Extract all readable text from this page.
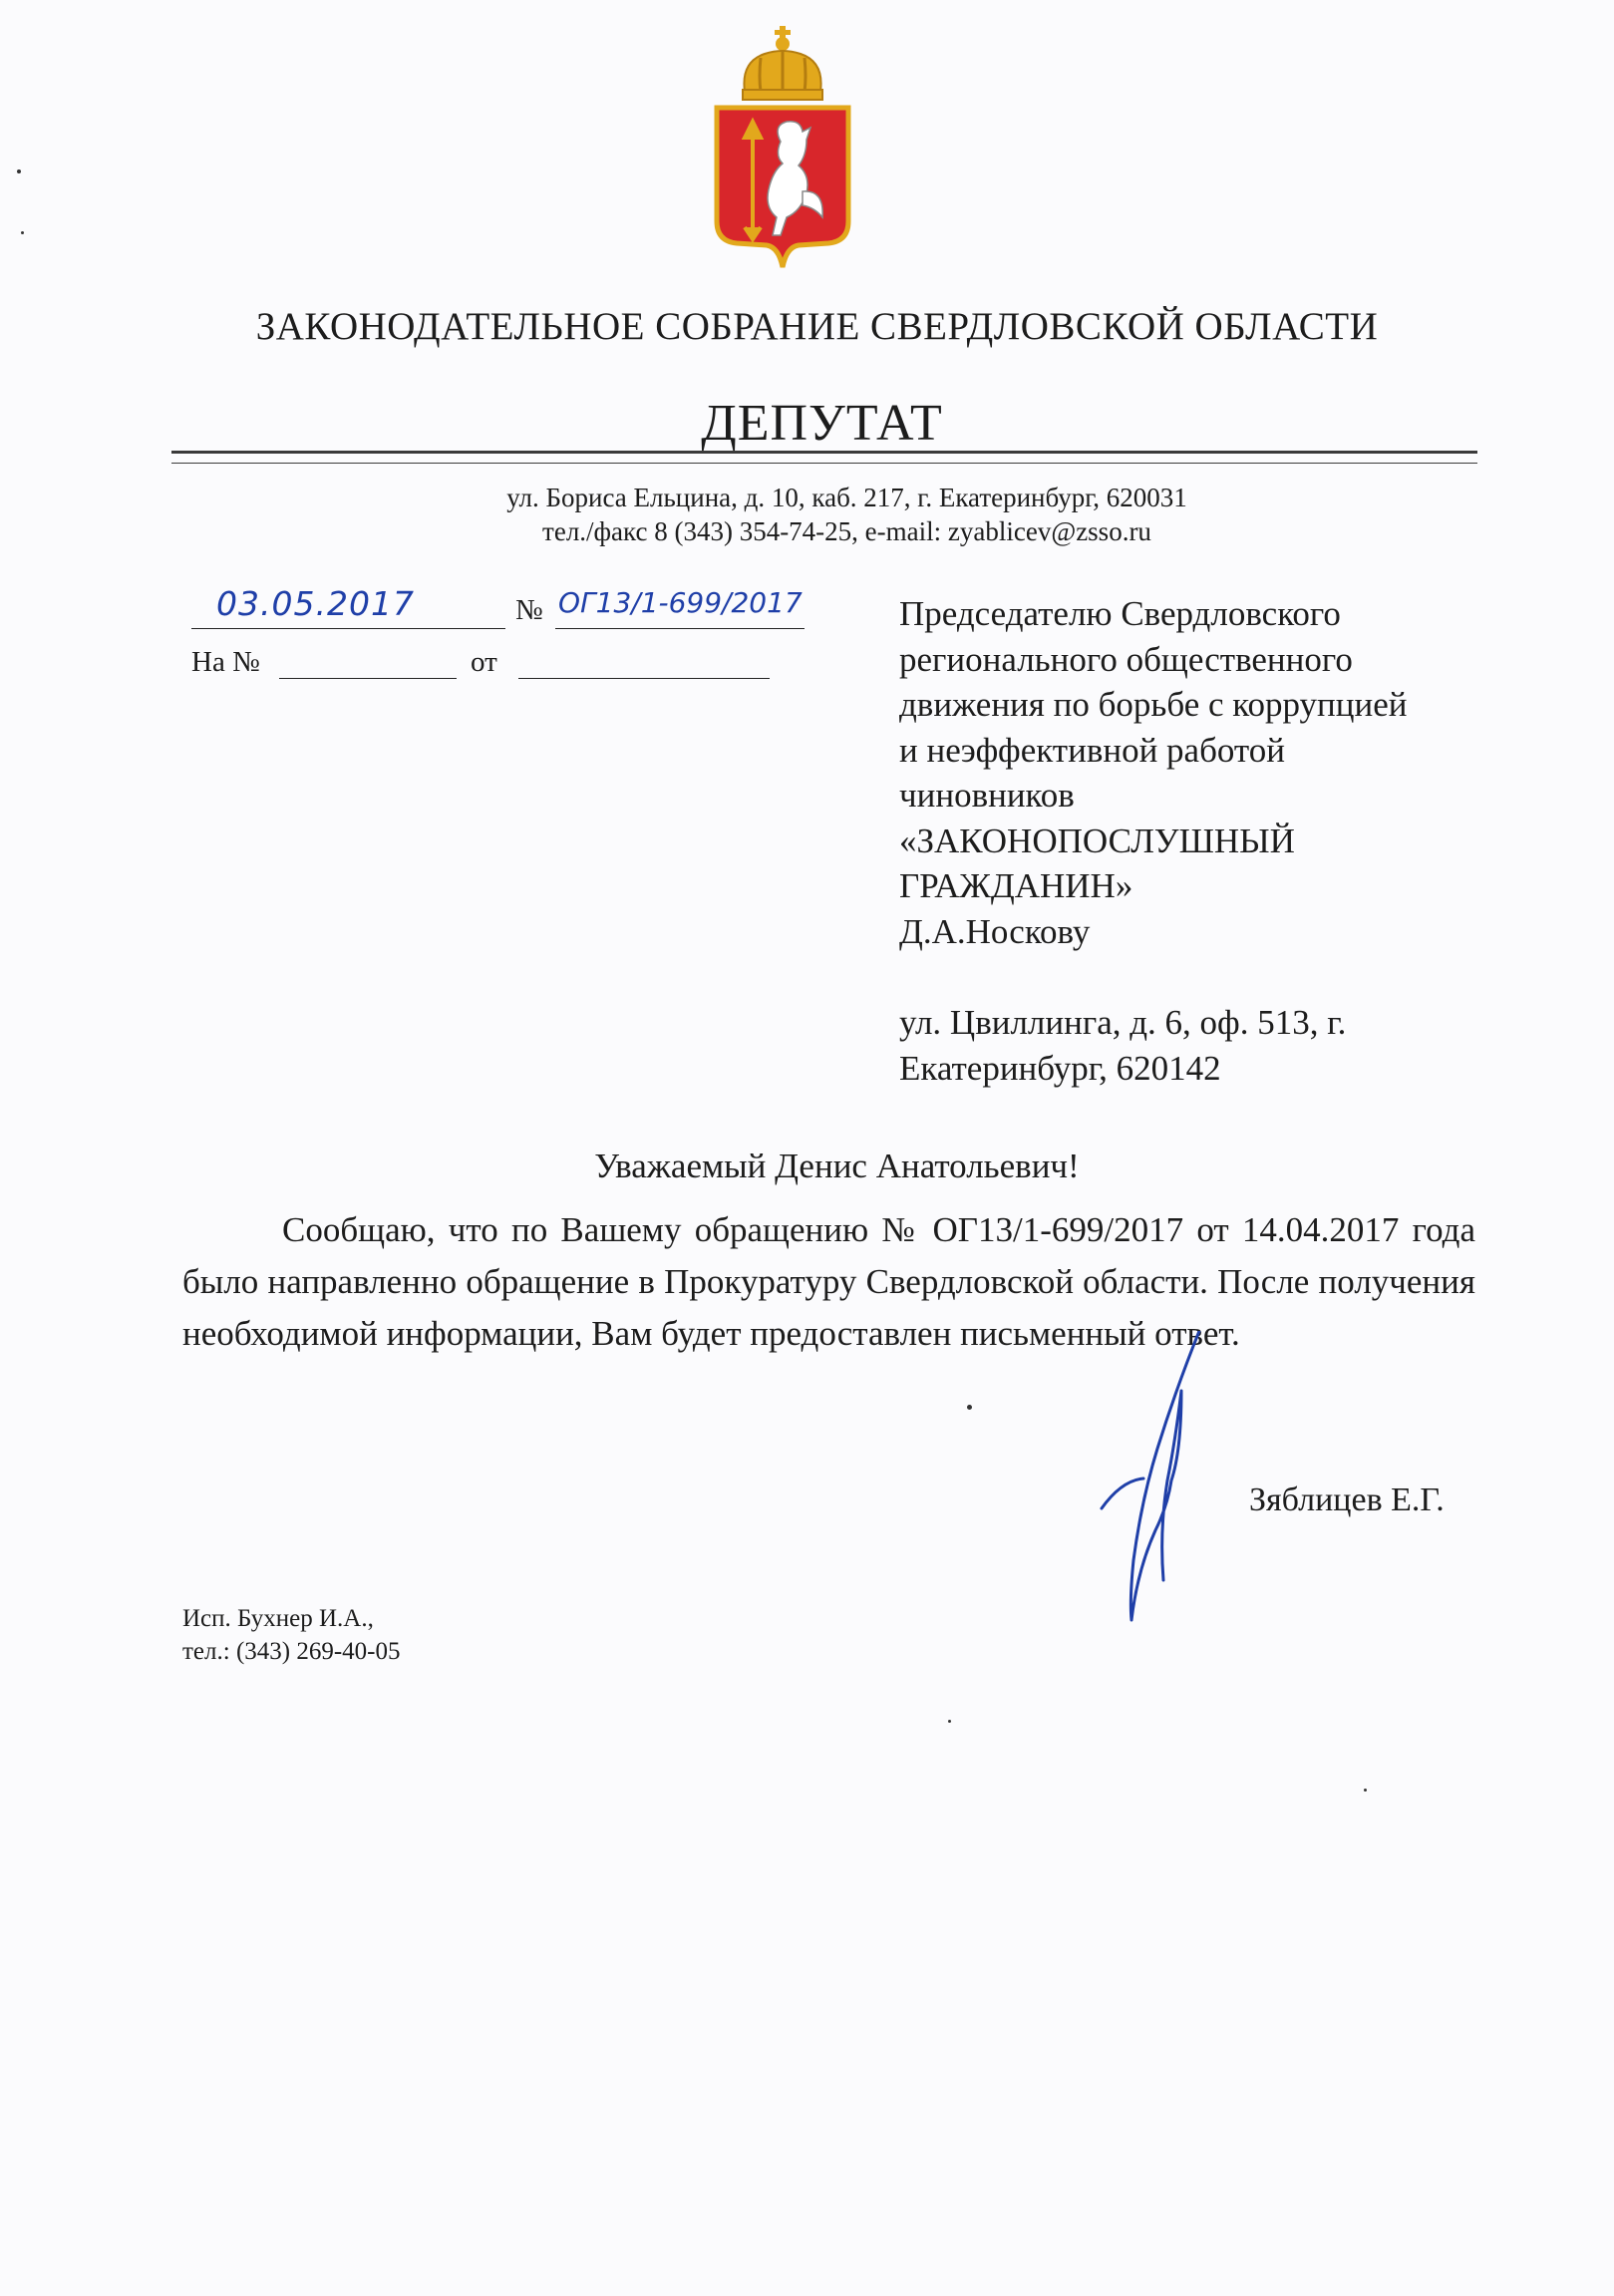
ЗАКОНОДАТЕЛЬНОЕ СОБРАНИЕ СВЕРДЛОВСКОЙ ОБЛАСТИ
ДЕПУТАТ
ул. Бориса Ельцина, д. 10, каб. 217, г. Екатеринбург, 620031
тел./факс 8 (343) 354-74-25, e-mail: zyablicev@zsso.ru
03.05.2017	№ ОГ13/1-699/2017
На №	от
Председателю Свердловского
регионального общественного
движения по борьбе с коррупцией
и неэффективной работой
чиновников
«ЗАКОНОПОСЛУШНЫЙ
ГРАЖДАНИН»
Д.А.Носкову
ул. Цвиллинга, д. 6, оф. 513, г.
Екатеринбург, 620142
Уважаемый Денис Анатольевич!
Сообщаю, что по Вашему обращению № ОГ13/1-699/2017 от 14.04.2017 года было направленно обращение в Прокуратуру Свердловской области. После получения необходимой информации, Вам будет предоставлен письменный ответ.
Зяблицев Е.Г.
Исп. Бухнер И.А.,
тел.: (343) 269-40-05
